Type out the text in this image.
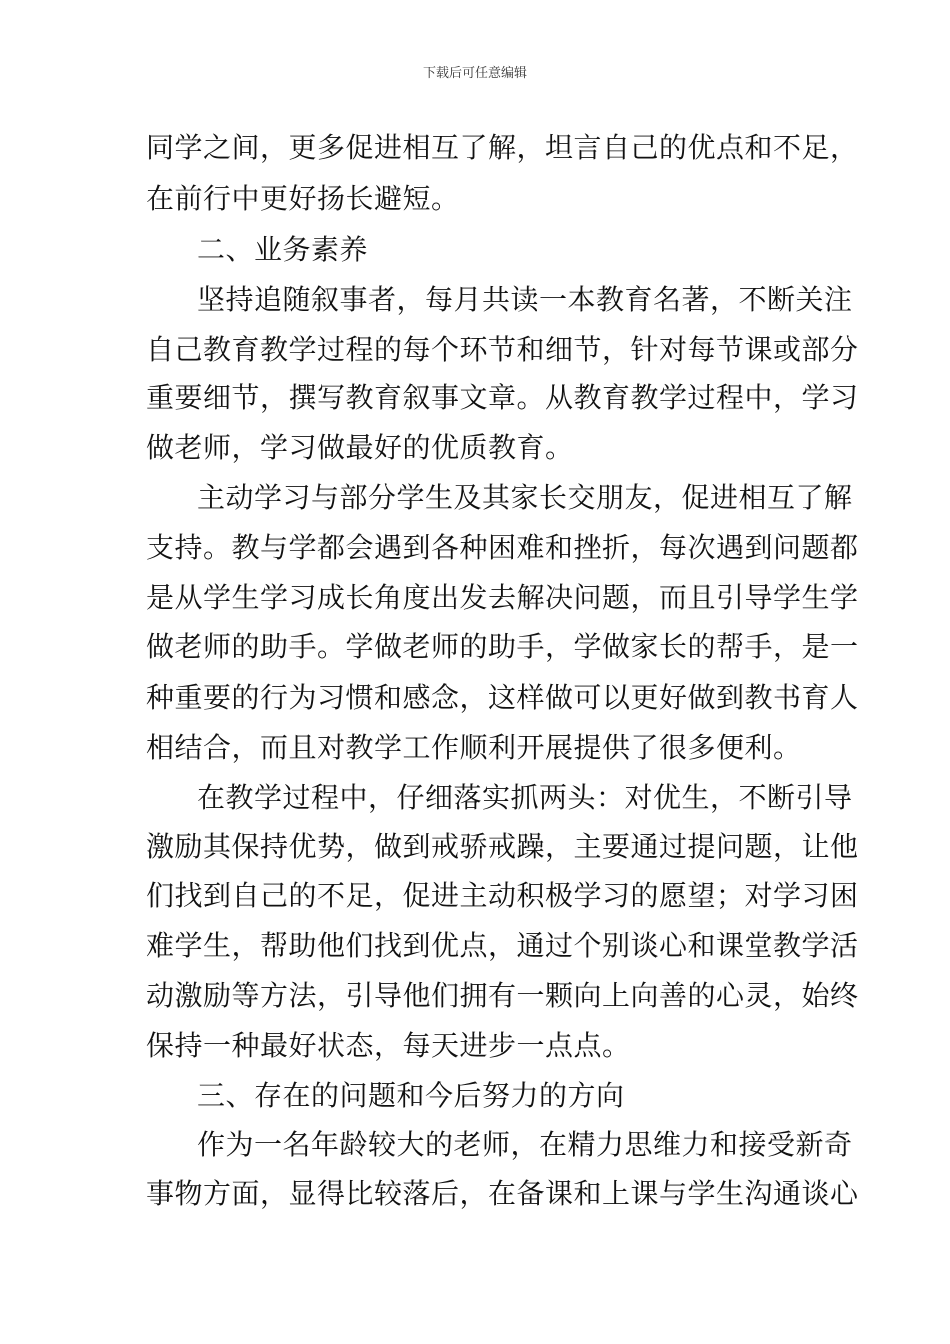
下载后可任意编辑
同学之间，更多促进相互了解，坦言自己的优点和不足，
在前行中更好扬长避短。
二、业务素养
坚持追随叙事者，每月共读一本教育名著，不断关注
自己教育教学过程的每个环节和细节，针对每节课或部分
重要细节，撰写教育叙事文章。从教育教学过程中，学习
做老师，学习做最好的优质教育。
主动学习与部分学生及其家长交朋友，促进相互了解
支持。教与学都会遇到各种困难和挫折，每次遇到问题都
是从学生学习成长角度出发去解决问题，而且引导学生学
做老师的助手。学做老师的助手，学做家长的帮手，是一
种重要的行为习惯和感念，这样做可以更好做到教书育人
相结合，而且对教学工作顺利开展提供了很多便利。
在教学过程中，仔细落实抓两头：对优生，不断引导
激励其保持优势，做到戒骄戒躁，主要通过提问题，让他
们找到自己的不足，促进主动积极学习的愿望；对学习困
难学生，帮助他们找到优点，通过个别谈心和课堂教学活
动激励等方法，引导他们拥有一颗向上向善的心灵，始终
保持一种最好状态，每天进步一点点。
三、存在的问题和今后努力的方向
作为一名年龄较大的老师，在精力思维力和接受新奇
事物方面，显得比较落后，在备课和上课与学生沟通谈心
